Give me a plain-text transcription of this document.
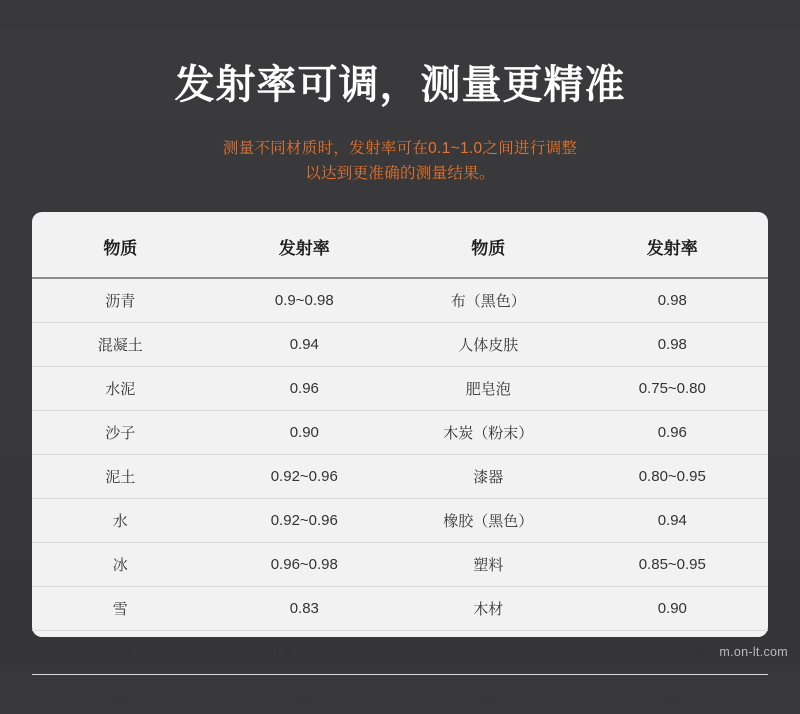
发射率可调，测量更精准
测量不同材质时，发射率可在0.1~1.0之间进行调整
以达到更准确的测量结果。
物质	发射率	物质	发射率
沥青	0.9~0.98	布（黑色）	0.98
混凝土	0.94	人体皮肤	0.98
水泥	0.96	肥皂泡	0.75~0.80
沙子	0.90	木炭（粉末）	0.96
泥土	0.92~0.96	漆器	0.80~0.95
水	0.92~0.96	橡胶（黑色）	0.94
冰	0.96~0.98	塑料	0.85~0.95
雪	0.83	木材	0.90
玻璃	0.90~0.95	纸	0.70~0.94
…	…	…	…
m.on-lt.com
